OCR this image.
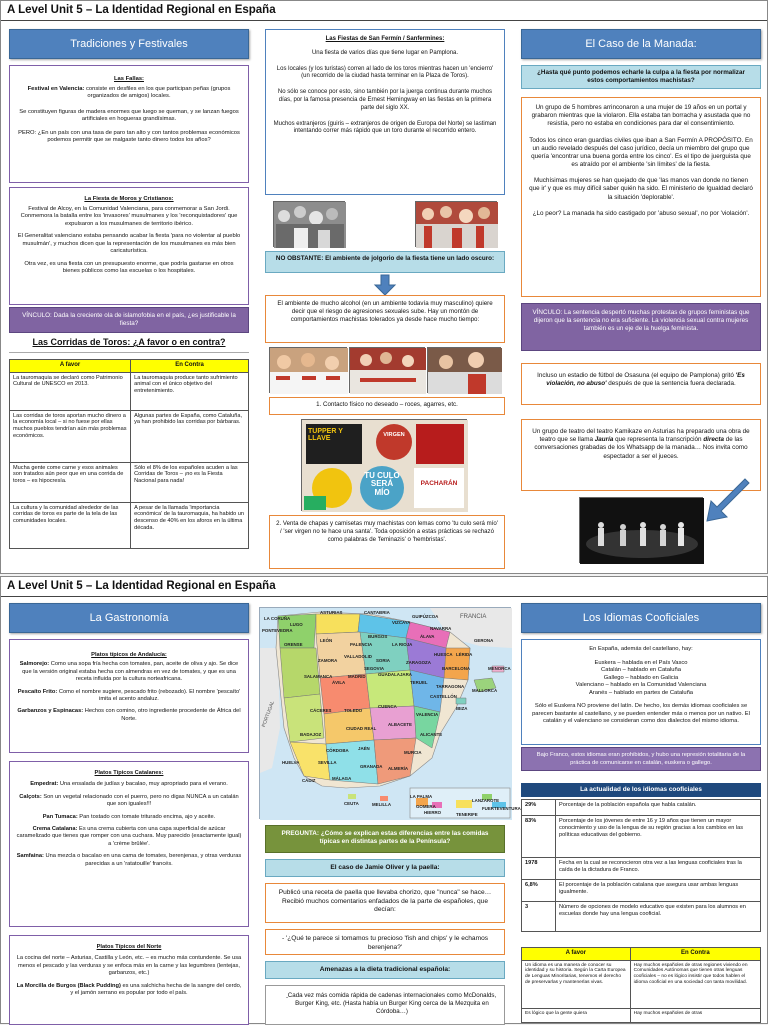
A Level Unit 5 – La Identidad Regional en España
Tradiciones y Festivales
Las Fallas:

Festival en Valencia: consiste en desfiles en los que participan peñas (grupos organizados de amigos) locales.

Se constituyen figuras de madera enormes que luego se queman, y se lanzan fuegos artificiales en hogueras grandísimas.

PERO: ¿En un país con una tasa de paro tan alto y con tantos problemas económicos podemos permitir que se malgaste tanto dinero todos los años?

La Fiesta de Moros y Cristianos:

Festival de Alcoy, en la Comunidad Valenciana, para conmemorar a San Jordi. Conmemora la batalla entre los 'invasores' musulmanes y los 'reconquistadores' que expulsaron a los musulmanes de territorio ibérico.

El Generalitat valenciano estaba pensando acabar la fiesta 'para no violentar al pueblo musulmán', y muchos dicen que la representación de los musulmanes es más bien caricaturística.

Otra vez, es una fiesta con un presupuesto enorme, que podría gastarse en otros bienes públicos como las escuelas o los hospitales.

VÍNCULO: Dada la creciente ola de islamofobia en el país, ¿es justificable la fiesta?
Las Corridas de Toros: ¿A favor o en contra?
A favor	En Contra
La tauromaquia se declaró como Patrimonio Cultural de UNESCO en 2013.	La tauromaquia produce tanto sufrimiento animal con el único objetivo del entretenimiento.
Las corridas de toros aportan mucho dinero a la economía local – si no fuese por ellas muchos pueblos tendrían aún más problemas económicos.	Algunas partes de España, como Cataluña, ya han prohibido las corridas por bárbaras.
Mucha gente come carne y esos animales son tratados aún peor que en una corrida de toros – es hipocresía.	Sólo el 8% de los españoles acuden a las Corridas de Toros – ¡no es la Fiesta Nacional para nada!
La cultura y la comunidad alrededor de las corridas de toros es parte de la tela de las comunidades locales.	A pesar de la llamada 'importancia económica' de la tauromaquia, ha habido un descenso de 40% en los aforos en la última década.
Las Fiestas de San Fermín / Sanfermines:

Una fiesta de varios días que tiene lugar en Pamplona.

Los locales (y los turistas) corren al lado de los toros mientras hacen un 'encierro' (un recorrido de la ciudad hasta terminar en la Plaza de Toros).

No sólo se conoce por esto, sino también por la juerga continua durante muchos días, por la famosa presencia de Ernest Hemingway en las fiestas en la primera parte del siglo XX.

Muchos extranjeros (guiris – extranjeros de origen de Europa del Norte) se lastiman intentando correr más rápido que un toro durante el recorrido entero.

NO OBSTANTE: El ambiente de jolgorio de la fiesta tiene un lado oscuro:
El ambiente de mucho alcohol (en un ambiente todavía muy masculino) quiere decir que el riesgo de agresiones sexuales sube. Hay un montón de comportamientos machistas tolerados ya desde hace mucho tiempo:
1. Contacto físico no deseado – roces, agarres, etc.
TUPPER Y LLAVE
VIRGEN
TU CULO SERÁ MÍO
PACHARÁN
2. Venta de chapas y camisetas muy machistas con lemas como 'tu culo será mío' / 'ser virgen no te hace una santa'. Toda oposición a estas prácticas se rechazó como palabras de 'feminazis' o 'hembristas'.
El Caso de la Manada:
¿Hasta qué punto podemos echarle la culpa a la fiesta por normalizar estos comportamientos machistas?

Un grupo de 5 hombres arrinconaron a una mujer de 19 años en un portal y grabaron mientras que la violaron. Ella estaba tan borracha y asustada que no resistía, pero no estaba en condiciones para dar el consentimiento.

Todos los cinco eran guardias civiles que iban a San Fermín A PROPÓSITO. En un audio revelado después del caso jurídico, decía un miembro del grupo que quería 'encontrar una buena gorda entre los cinco'. Es el tipo de juerguista que es atraído por el ambiente 'sin límites' de la fiesta.

Muchísimas mujeres se han quejado de que 'las manos van donde no tienen que ir' y que es muy difícil saber quién ha sido. El ministerio de Igualdad declaró la situación 'deplorable'.

¿Lo peor? La manada ha sido castigado por 'abuso sexual', no por 'violación'.

VÍNCULO: La sentencia despertó muchas protestas de grupos feministas que dijeron que la sentencia no era suficiente. La violencia sexual contra mujeres también es un eje de la huelga feminista.
Incluso un estadio de fútbol de Osasuna (el equipo de Pamplona) gritó 'Es violación, no abuso' después de que la sentencia fuera declarada.
Un grupo de teatro del teatro Kamikaze en Asturias ha preparado una obra de teatro que se llama Jauría que representa la transcripción directa de las conversaciones grabadas de los Whatsapp de la manada… Nos invita como espectador a ser el jueces.
A Level Unit 5 – La Identidad Regional en España
La Gastronomía
Platos típicos de Andalucía:

Salmorejo: Como una sopa fría hecha con tomates, pan, aceite de oliva y ajo. Se dice que la versión original estaba hecha con almendras en vez de tomates, y que es una receta influida por la cultura norteafricana.

Pescaíto Frito: Como el nombre sugiere, pescado frito (rebozado). El nombre 'pescaíto' imita el acento andaluz.

Garbanzos y Espinacas: Hechos con comino, otro ingrediente procedente de África del Norte.

Platos Típicos Catalanes:

Empedrat: Una ensalada de judías y bacalao, muy apropriado para el verano.

Calçots: Son un vegetal relacionado con el puerro, pero no digas NUNCA a un catalán que son iguales!!!

Pan Tumaca: Pan tostado con tomate triturado encima, ajo y aceite.

Crema Catalana: Es una crema cubierta con una capa superficial de azúcar caramelizado que tienes que romper con una cuchara. Muy parecido (exactamente igual) a 'crème brûlée'.

Samfaina: Una mezcla o bacalao en una cama de tomates, berenjenas, y otras verduras parecidas a un 'ratatouille' francés.

Platos Típicos del Norte

La cocina del norte – Asturias, Castilla y León, etc. – es mucho más contundente. Se usa menos el pescado y las verduras y se enfoca más en la carne y las legumbres (lentejas, garbanzos, etc.)

La Morcilla de Burgos (Black Pudding) es una salchicha hecha de la sangre del cerdo, y el jamón serrano es popular por todo el país.

LA CORUÑA
ASTURIAS	CANTABRIA
GUIPÚZCOA
PONTEVEDRA
LUGO	VIZCAYA
NAVARRA
ÁLAVA
ORENSE
LEÓN
PALENCIA
BURGOS
LA RIOJA
HUESCA LÉRIDA
GERONA
ZAMORA
VALLADOLID
SORIA	ZARAGOZA
BARCELONA
SEGOVIA
TARRAGONA
SALAMANCA
ÁVILA
GUADALAJARA
MADRID
TERUEL
MENORCA
CASTELLÓN
CÁCERES	TOLEDO
CUENCA
VALENCIA
MALLORCA
IBIZA
BADAJOZ
CIUDAD REAL
ALBACETE
ALICANTE
CÓRDOBA JAÉN
MURCIA
HUELVA	SEVILLA
GRANADA ALMERÍA
CÁDIZ	MÁLAGA
CEUTA	MELILLA
LA PALMA
GOMERA
HIERRO	TENERIFE
LANZAROTE
FUERTEVENTURA
FRANCIA
PORTUGAL
PREGUNTA: ¿Cómo se explican estas diferencias entre las comidas típicas en distintas partes de la Península?
El caso de Jamie Oliver y la paella:
Publicó una receta de paella que llevaba chorizo, que "nunca" se hace… Recibió muchos comentarios enfadados de la parte de españoles, que decían:
- '¿Qué te parece si tomamos tu precioso 'fish and chips' y le echamos berenjena?'
Amenazas a la dieta tradicional española:
- Cada vez más comida rápida de cadenas internacionales como McDonalds, Burger King, etc. (Hasta había un Burger King cerca de la Mezquita en Córdoba…)
Los Idiomas Cooficiales

En España, además del castellano, hay:

Euskera – hablada en el País Vasco
Catalán – hablado en Cataluña
Gallego – hablado en Galicia
Valenciano – hablado en la Comunidad Valenciana
Aranés – hablado en partes de Cataluña

Sólo el Euskera NO proviene del latín. De hecho, los demás idiomas cooficiales se parecen bastante al castellano, y se pueden entender más o menos por un nativo. El catalán y el valenciano se consideran como dos dialectos del mismo idioma.

Bajo Franco, estos idiomas eran prohibidos, y hubo una represión totalitaria de la práctica de comunicarse en catalán, euskera o gallego.
La actualidad de los idiomas cooficiales
29%	Porcentaje de la población española que habla catalán.
83%	Porcentaje de los jóvenes de entre 16 y 19 años que tienen un mayor conocimiento y uso de la lengua de su región gracias a los cambios en las políticas educativas del gobierno.
1978	Fecha en la cual se reconocieron otra vez a las lenguas cooficiales tras la caída de la dictadura de Franco.
6,8%	El porcentaje de la población catalana que asegura usar ambas lenguas igualmente.
3	Número de opciones de modelo educativo que existen para los alumnos en escuelas donde hay una lengua cooficial.
A favor	En Contra
Un idioma es una manera de conocer su identidad y su historia. Según la Carta Europea de Lenguas Minoritarias, tenemos el derecho de preservarlas y mantenerlas vivas.	Hay muchos españoles de otras regiones viviendo en Comunidades Autónomas que tienen otras lenguas cooficiales – no es lógico insistir que todos hablen el idioma cooficial en una sociedad con tanta movilidad.
Es lógico que la gente quiera	Hay muchos españoles de otras
